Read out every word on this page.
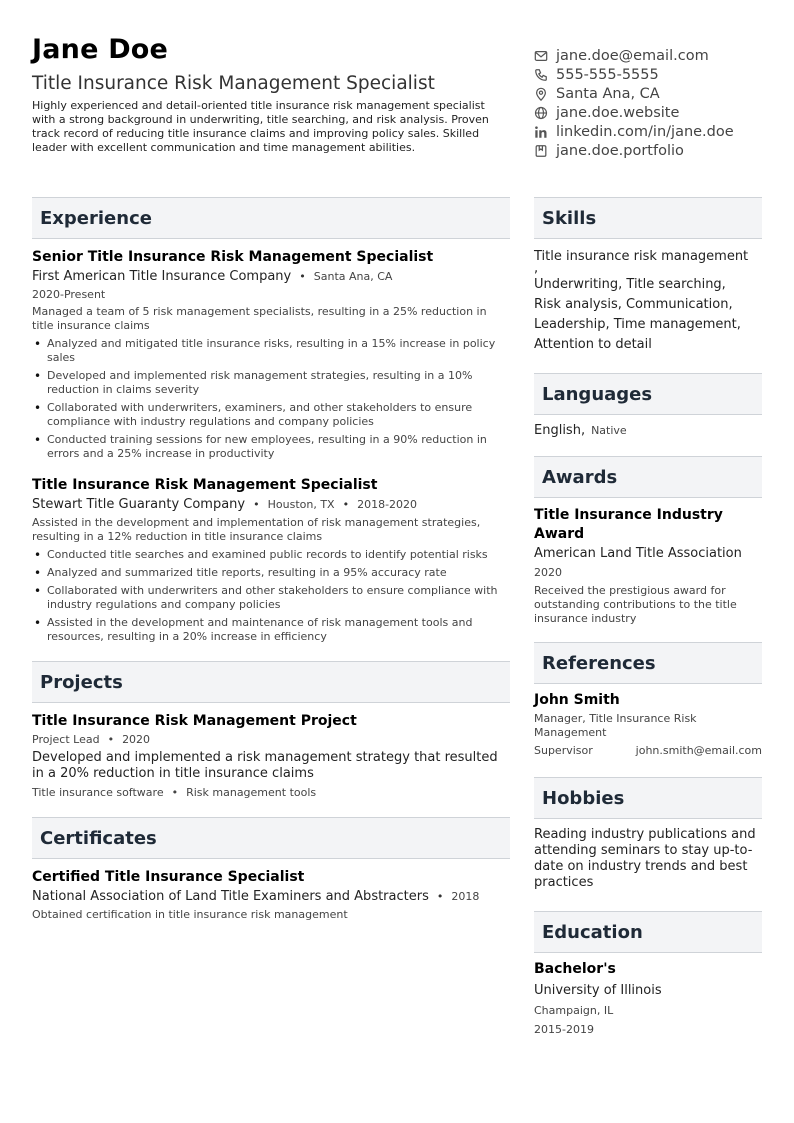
Jane Doe
Title Insurance Risk Management Specialist
Highly experienced and detail-oriented title insurance risk management specialist with a strong background in underwriting, title searching, and risk analysis. Proven track record of reducing title insurance claims and improving policy sales. Skilled leader with excellent communication and time management abilities.
jane.doe@email.com
555-555-5555
Santa Ana, CA
jane.doe.website
linkedin.com/in/jane.doe
jane.doe.portfolio
Experience
Senior Title Insurance Risk Management Specialist
First American Title Insurance Company • Santa Ana, CA
2020-Present
Managed a team of 5 risk management specialists, resulting in a 25% reduction in title insurance claims
• Analyzed and mitigated title insurance risks, resulting in a 15% increase in policy sales
• Developed and implemented risk management strategies, resulting in a 10% reduction in claims severity
• Collaborated with underwriters, examiners, and other stakeholders to ensure compliance with industry regulations and company policies
• Conducted training sessions for new employees, resulting in a 90% reduction in errors and a 25% increase in productivity
Title Insurance Risk Management Specialist
Stewart Title Guaranty Company • Houston, TX • 2018-2020
Assisted in the development and implementation of risk management strategies, resulting in a 12% reduction in title insurance claims
• Conducted title searches and examined public records to identify potential risks
• Analyzed and summarized title reports, resulting in a 95% accuracy rate
• Collaborated with underwriters and other stakeholders to ensure compliance with industry regulations and company policies
• Assisted in the development and maintenance of risk management tools and resources, resulting in a 20% increase in efficiency
Projects
Title Insurance Risk Management Project
Project Lead • 2020
Developed and implemented a risk management strategy that resulted in a 20% reduction in title insurance claims
Title insurance software • Risk management tools
Certificates
Certified Title Insurance Specialist
National Association of Land Title Examiners and Abstracters • 2018
Obtained certification in title insurance risk management
Skills
Title insurance risk management
,
Underwriting, Title searching,
Risk analysis, Communication,
Leadership, Time management,
Attention to detail
Languages
English, Native
Awards
Title Insurance Industry Award
American Land Title Association
2020
Received the prestigious award for outstanding contributions to the title insurance industry
References
John Smith
Manager, Title Insurance Risk Management
Supervisor	john.smith@email.com
Hobbies
Reading industry publications and attending seminars to stay up-to-date on industry trends and best practices
Education
Bachelor's
University of Illinois
Champaign, IL
2015-2019
